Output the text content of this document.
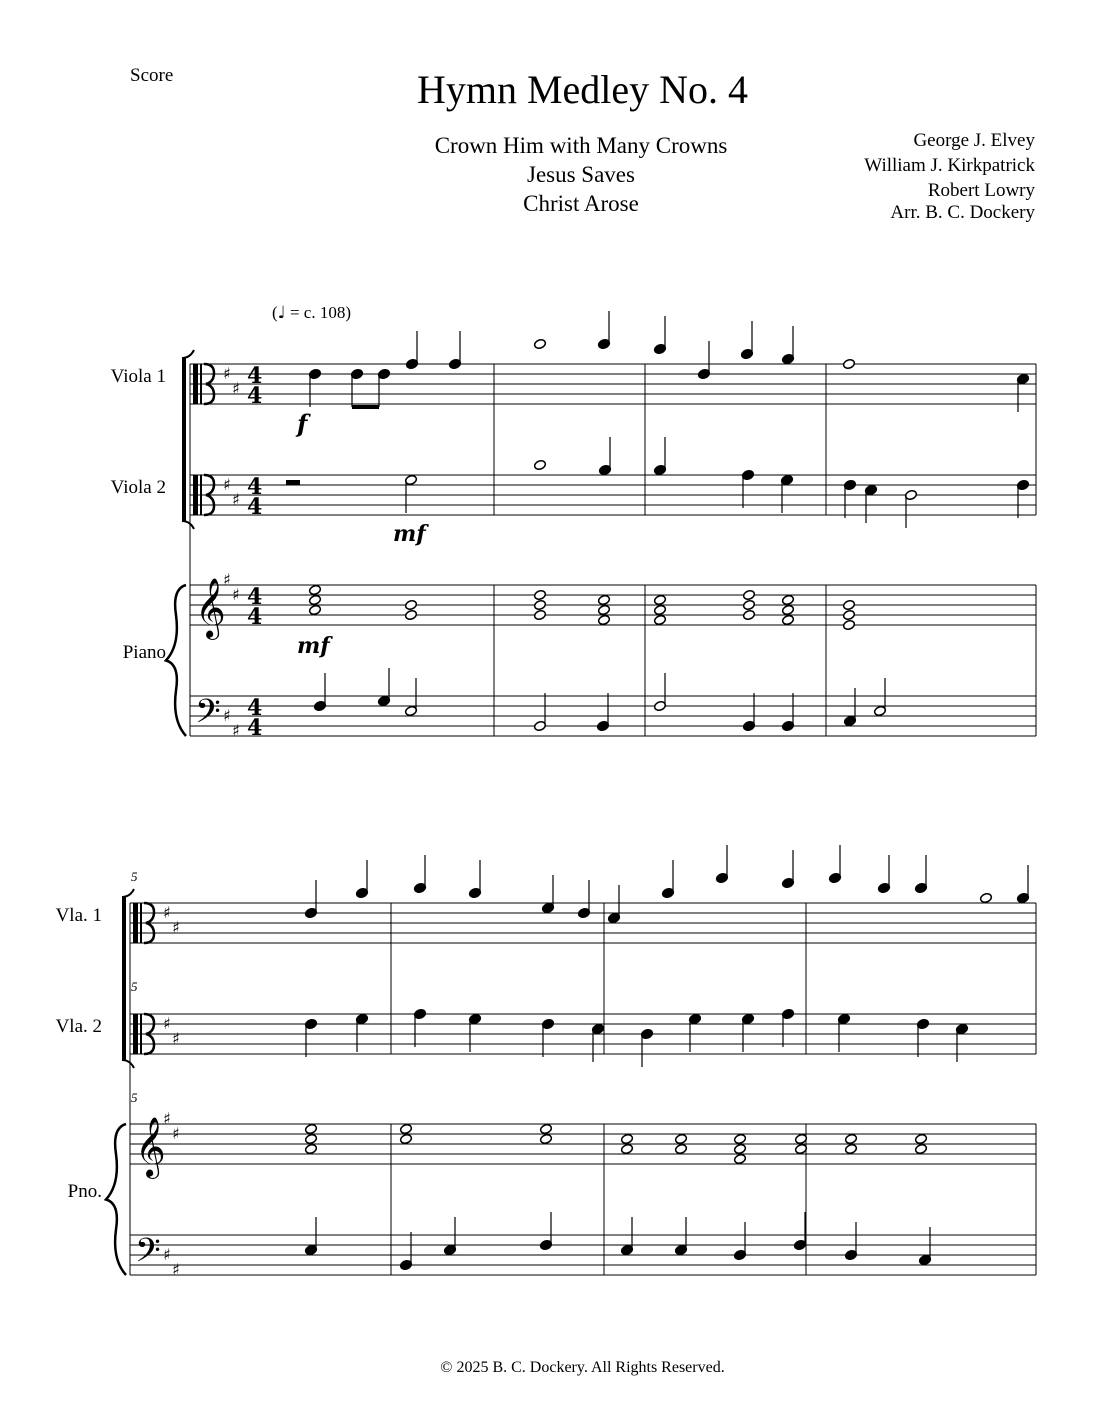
Score	Hymn Medley No. 4
Crown Him with Many Crowns
Jesus Saves
Christ Arose
George J. Elvey
William J. Kirkpatrick
Robert Lowry
Arr. B. C. Dockery
(♩ = c. 108)
Viola 1
Viola 2
Piano
Vla. 1
Vla. 2
Pno.
5
5
5
© 2025 B. C. Dockery. All Rights Reserved.
𝄞
𝄢
♯
♯
♯
♯
♯
♯
♯
♯
4
4
4
4
4
4
4
4
𝄞
𝄢
♯
♯
♯
♯
♯
♯
♯
♯
f
mf
mf
